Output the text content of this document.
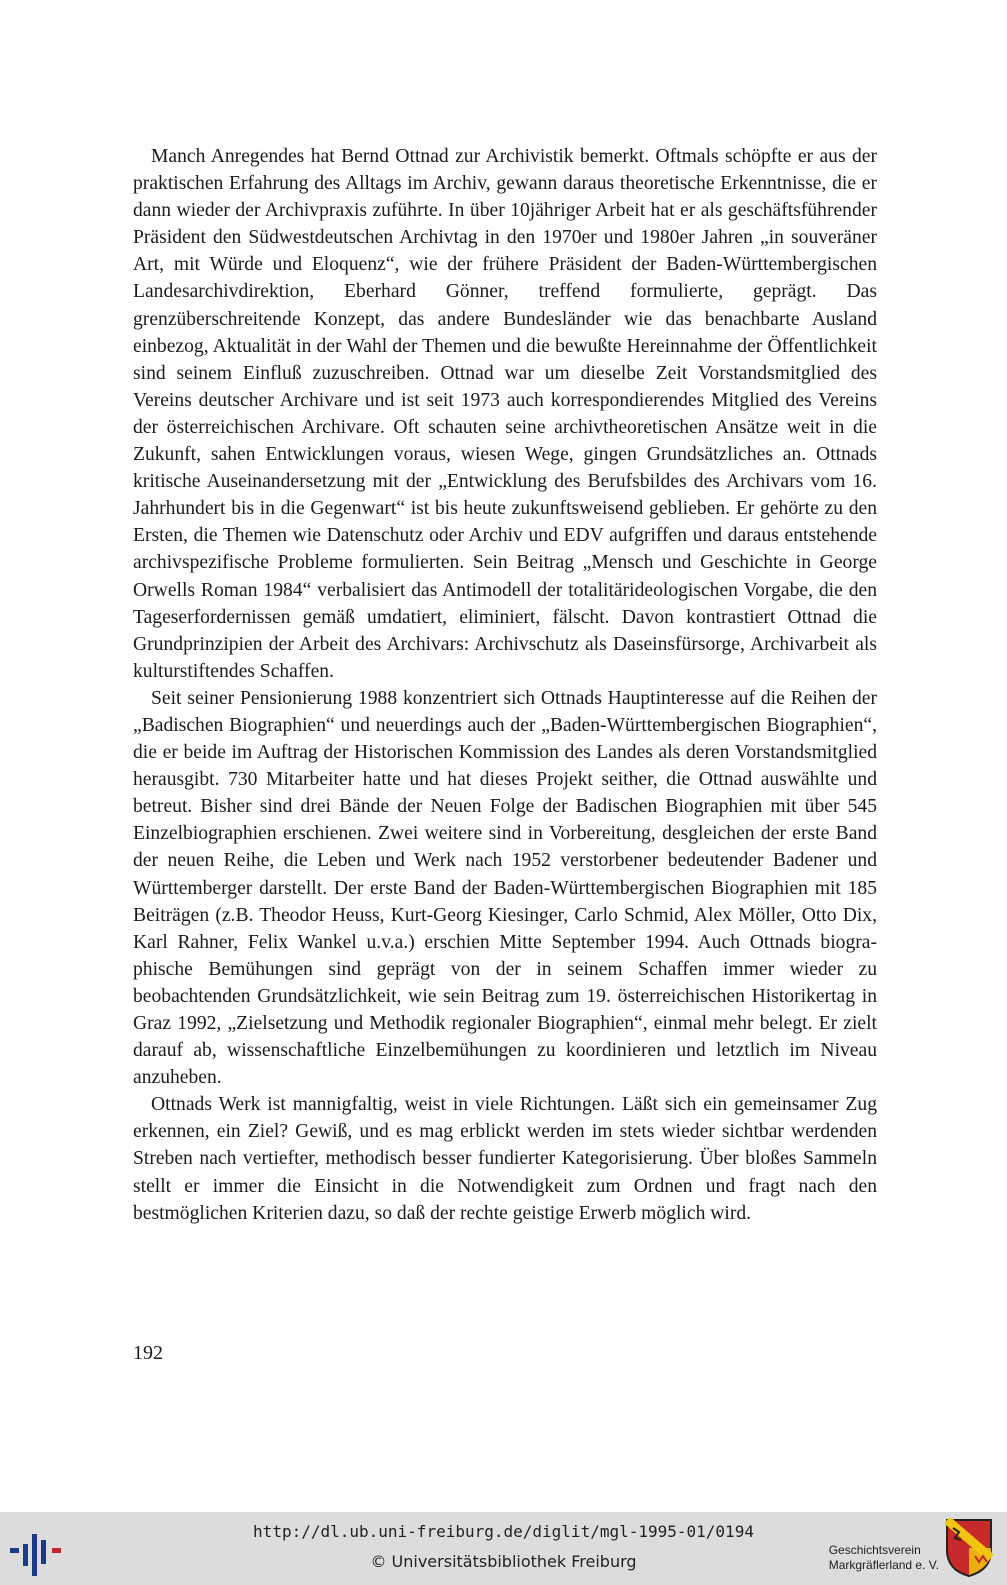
Manch Anregendes hat Bernd Ottnad zur Archivistik bemerkt. Oftmals schöpfte er aus der praktischen Erfahrung des Alltags im Archiv, gewann daraus theoretische Erkenntnisse, die er dann wieder der Archivpraxis zuführte. In über 10jähriger Arbeit hat er als geschäftsführender Präsident den Südwestdeutschen Archivtag in den 1970er und 1980er Jahren „in souveräner Art, mit Würde und Eloquenz“, wie der frühere Präsident der Baden-Württembergischen Landesarchivdirektion, Eberhard Gönner, treffend formulierte, geprägt. Das grenzüberschreitende Konzept, das andere Bundesländer wie das benachbarte Ausland einbezog, Aktualität in der Wahl der Themen und die bewußte Hereinnahme der Öffentlichkeit sind seinem Einfluß zuzuschreiben. Ottnad war um dieselbe Zeit Vorstandsmitglied des Vereins deutscher Archivare und ist seit 1973 auch korrespondierendes Mitglied des Vereins der österreichischen Archivare. Oft schauten seine archivtheoretischen Ansätze weit in die Zukunft, sahen Entwicklungen voraus, wiesen Wege, gingen Grundsätzliches an. Ottnads kritische Auseinandersetzung mit der „Entwicklung des Berufsbildes des Archivars vom 16. Jahrhundert bis in die Gegenwart“ ist bis heute zukunftsweisend geblieben. Er gehörte zu den Ersten, die Themen wie Datenschutz oder Archiv und EDV aufgriffen und daraus entstehende archivspezifische Probleme formulierten. Sein Beitrag „Mensch und Geschichte in George Orwells Roman 1984“ verbalisiert das Antimodell der totalitärideologischen Vorgabe, die den Tageserfordernissen gemäß umdatiert, eliminiert, fälscht. Davon kontrastiert Ottnad die Grundprinzipien der Arbeit des Archivars: Archivschutz als Daseinsfürsorge, Archivarbeit als kulturstiftendes Schaffen.

Seit seiner Pensionierung 1988 konzentriert sich Ottnads Hauptinteresse auf die Reihen der „Badischen Biographien“ und neuerdings auch der „Baden-Württembergischen Biographien“, die er beide im Auftrag der Historischen Kommission des Landes als deren Vorstandsmitglied herausgibt. 730 Mitarbeiter hatte und hat dieses Projekt seither, die Ottnad auswählte und betreut. Bisher sind drei Bände der Neuen Folge der Badischen Biographien mit über 545 Einzelbiographien erschienen. Zwei weitere sind in Vorbereitung, desgleichen der erste Band der neuen Reihe, die Leben und Werk nach 1952 verstorbener bedeutender Badener und Württemberger darstellt. Der erste Band der Baden-Württembergischen Biographien mit 185 Beiträgen (z.B. Theodor Heuss, Kurt-Georg Kiesinger, Carlo Schmid, Alex Möller, Otto Dix, Karl Rahner, Felix Wankel u.v.a.) erschien Mitte September 1994. Auch Ottnads biographische Bemühungen sind geprägt von der in seinem Schaffen immer wieder zu beobachtenden Grundsätzlichkeit, wie sein Beitrag zum 19. österreichischen Historikertag in Graz 1992, „Zielsetzung und Methodik regionaler Biographien“, einmal mehr belegt. Er zielt darauf ab, wissenschaftliche Einzelbemühungen zu koordinieren und letztlich im Niveau anzuheben.

Ottnads Werk ist mannigfaltig, weist in viele Richtungen. Läßt sich ein gemeinsamer Zug erkennen, ein Ziel? Gewiß, und es mag erblickt werden im stets wieder sichtbar werdenden Streben nach vertiefter, methodisch besser fundierter Kategorisierung. Über bloßes Sammeln stellt er immer die Einsicht in die Notwendigkeit zum Ordnen und fragt nach den bestmöglichen Kriterien dazu, so daß der rechte geistige Erwerb möglich wird.

192
http://dl.ub.uni-freiburg.de/diglit/mgl-1995-01/0194
© Universitätsbibliothek Freiburg
Geschichtsverein
Markgräflerland e. V.
